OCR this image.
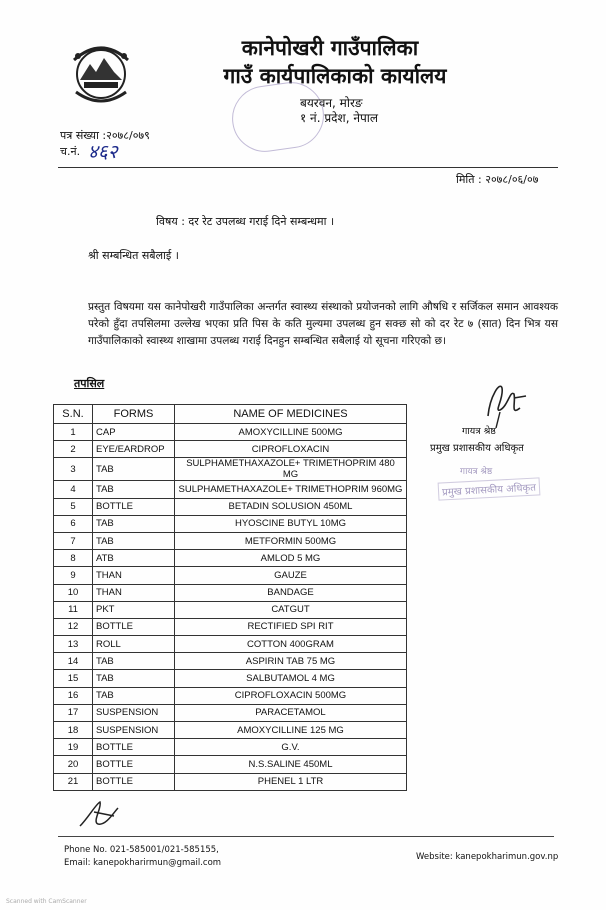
कानेपोखरी गाउँपालिका
गाउँ कार्यपालिकाको कार्यालय
बयरवन, मोरङ
१ नं. प्रदेश, नेपाल
पत्र संख्या :२०७८/०७९
च.नं. ४६२
मिति : २०७८/०६/०७
विषय : दर रेट उपलब्ध गराई दिने सम्बन्धमा ।
श्री सम्बन्धित सबैलाई ।
प्रस्तुत विषयमा यस कानेपोखरी गाउँपालिका अन्तर्गत स्वास्थ्य संस्थाको प्रयोजनको लागि औषधि र सर्जिकल समान आवश्यक परेको हुँदा तपसिलमा उल्लेख भएका प्रति पिस के कति मुल्यमा उपलब्ध हुन सक्छ सो को दर रेट ७ (सात) दिन भित्र यस गाउँपालिकाको स्वास्थ्य शाखामा उपलब्ध गराई दिनहुन सम्बन्धित सबैलाई यो सूचना गरिएको छ।
तपसिल
S.N.	FORMS	NAME OF MEDICINES
1	CAP	AMOXYCILLINE 500MG
2	EYE/EARDROP	CIPROFLOXACIN
3	TAB	SULPHAMETHAXAZOLE+ TRIMETHOPRIM 480 MG
4	TAB	SULPHAMETHAXAZOLE+ TRIMETHOPRIM 960MG
5	BOTTLE	BETADIN SOLUSION 450ML
6	TAB	HYOSCINE BUTYL 10MG
7	TAB	METFORMIN 500MG
8	ATB	AMLOD 5 MG
9	THAN	GAUZE
10	THAN	BANDAGE
11	PKT	CATGUT
12	BOTTLE	RECTIFIED SPI RIT
13	ROLL	COTTON 400GRAM
14	TAB	ASPIRIN TAB 75 MG
15	TAB	SALBUTAMOL 4 MG
16	TAB	CIPROFLOXACIN 500MG
17	SUSPENSION	PARACETAMOL
18	SUSPENSION	AMOXYCILLINE 125 MG
19	BOTTLE	G.V.
20	BOTTLE	N.S.SALINE 450ML
21	BOTTLE	PHENEL 1 LTR
गायत्र श्रेष्ठ
प्रमुख प्रशासकीय अधिकृत
गायत्र श्रेष्ठ
प्रमुख प्रशासकीय अधिकृत
Phone No. 021-585001/021-585155,
Email: kanepokharirmun@gmail.com
Website: kanepokharimun.gov.np
Scanned with CamScanner
